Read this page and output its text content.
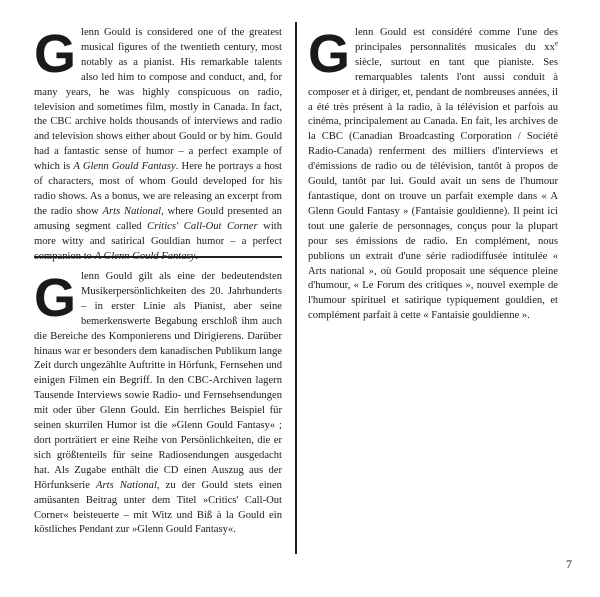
G lenn Gould is considered one of the greatest musical figures of the twentieth century, most notably as a pianist. His remarkable talents also led him to compose and conduct, and, for many years, he was highly conspicuous on radio, television and sometimes film, mostly in Canada. In fact, the CBC archive holds thousands of interviews and radio and television shows either about Gould or by him. Gould had a fantastic sense of humor – a perfect example of which is A Glenn Gould Fantasy. Here he portrays a host of characters, most of whom Gould developed for his radio shows. As a bonus, we are releasing an excerpt from the radio show Arts National, where Gould presented an amusing segment called Critics' Call-Out Corner with more witty and satirical Gouldian humor – a perfect

G lenn Gould gilt als eine der bedeutendsten Musikerpersönlichkeiten des 20. Jahrhunderts – in erster Linie als Pianist, aber seine bemerkenswerte Begabung erschloß ihm auch die Bereiche des Komponierens und Dirigierens. Darüber hinaus war er besonders dem kanadischen Publikum lange Zeit durch ungezählte Auftritte in Hörfunk, Fernsehen und einigen Filmen ein Begriff. In den CBC-Archiven lagern Tausende Interviews sowie Radio- und Fernsehsendungen mit oder über Glenn Gould. Ein herrliches Beispiel für seinen skurrilen Humor ist die »Glenn Gould Fantasy« ; dort porträtiert er eine Reihe von Persönlichkeiten, die er sich größtenteils für seine Radiosendungen ausgedacht hat. Als Zugabe enthält die CD einen Auszug aus der Hörfunkserie Arts National, zu der Gould stets einen amüsanten Beitrag unter dem Titel »Critics' Call-Out Corner« beisteuerte – mit Witz und Biß à la Gould ein köstliches Pendant zur »Glenn Gould Fantasy«.

G lenn Gould est considéré comme l'une des principales personnalités musicales du $xx^e$ siècle, surtout en tant que pianiste. Ses remarquables talents l'ont aussi conduit à composer et à diriger, et, pendant de nombreuses années, il a été très présent à la radio, à la télévision et parfois au cinéma, principalement au Canada. En fait, les archives de la CBC (Canadian Broadcasting Corporation / Société Radio-Canada) renferment des milliers d'interviews et d'émissions de radio ou de télévision, tantôt à propos de Gould, tantôt par lui. Gould avait un sens de l'humour fantastique, dont on trouve un parfait exemple dans « A Glenn Gould Fantasy » (Fantaisie gouldienne). Il peint ici tout une galerie de personnages, conçus pour la plupart pour ses émissions de radio. En complément, nous publions un extrait d'une série radiodiffusée intitulée « Arts national », où Gould proposait une séquence pleine d'humour, « Le Forum des critiques », nouvel exemple de l'humour spirituel et satirique typiquement gouldien, et complément parfait à cette « Fantaisie gouldienne ».

7
